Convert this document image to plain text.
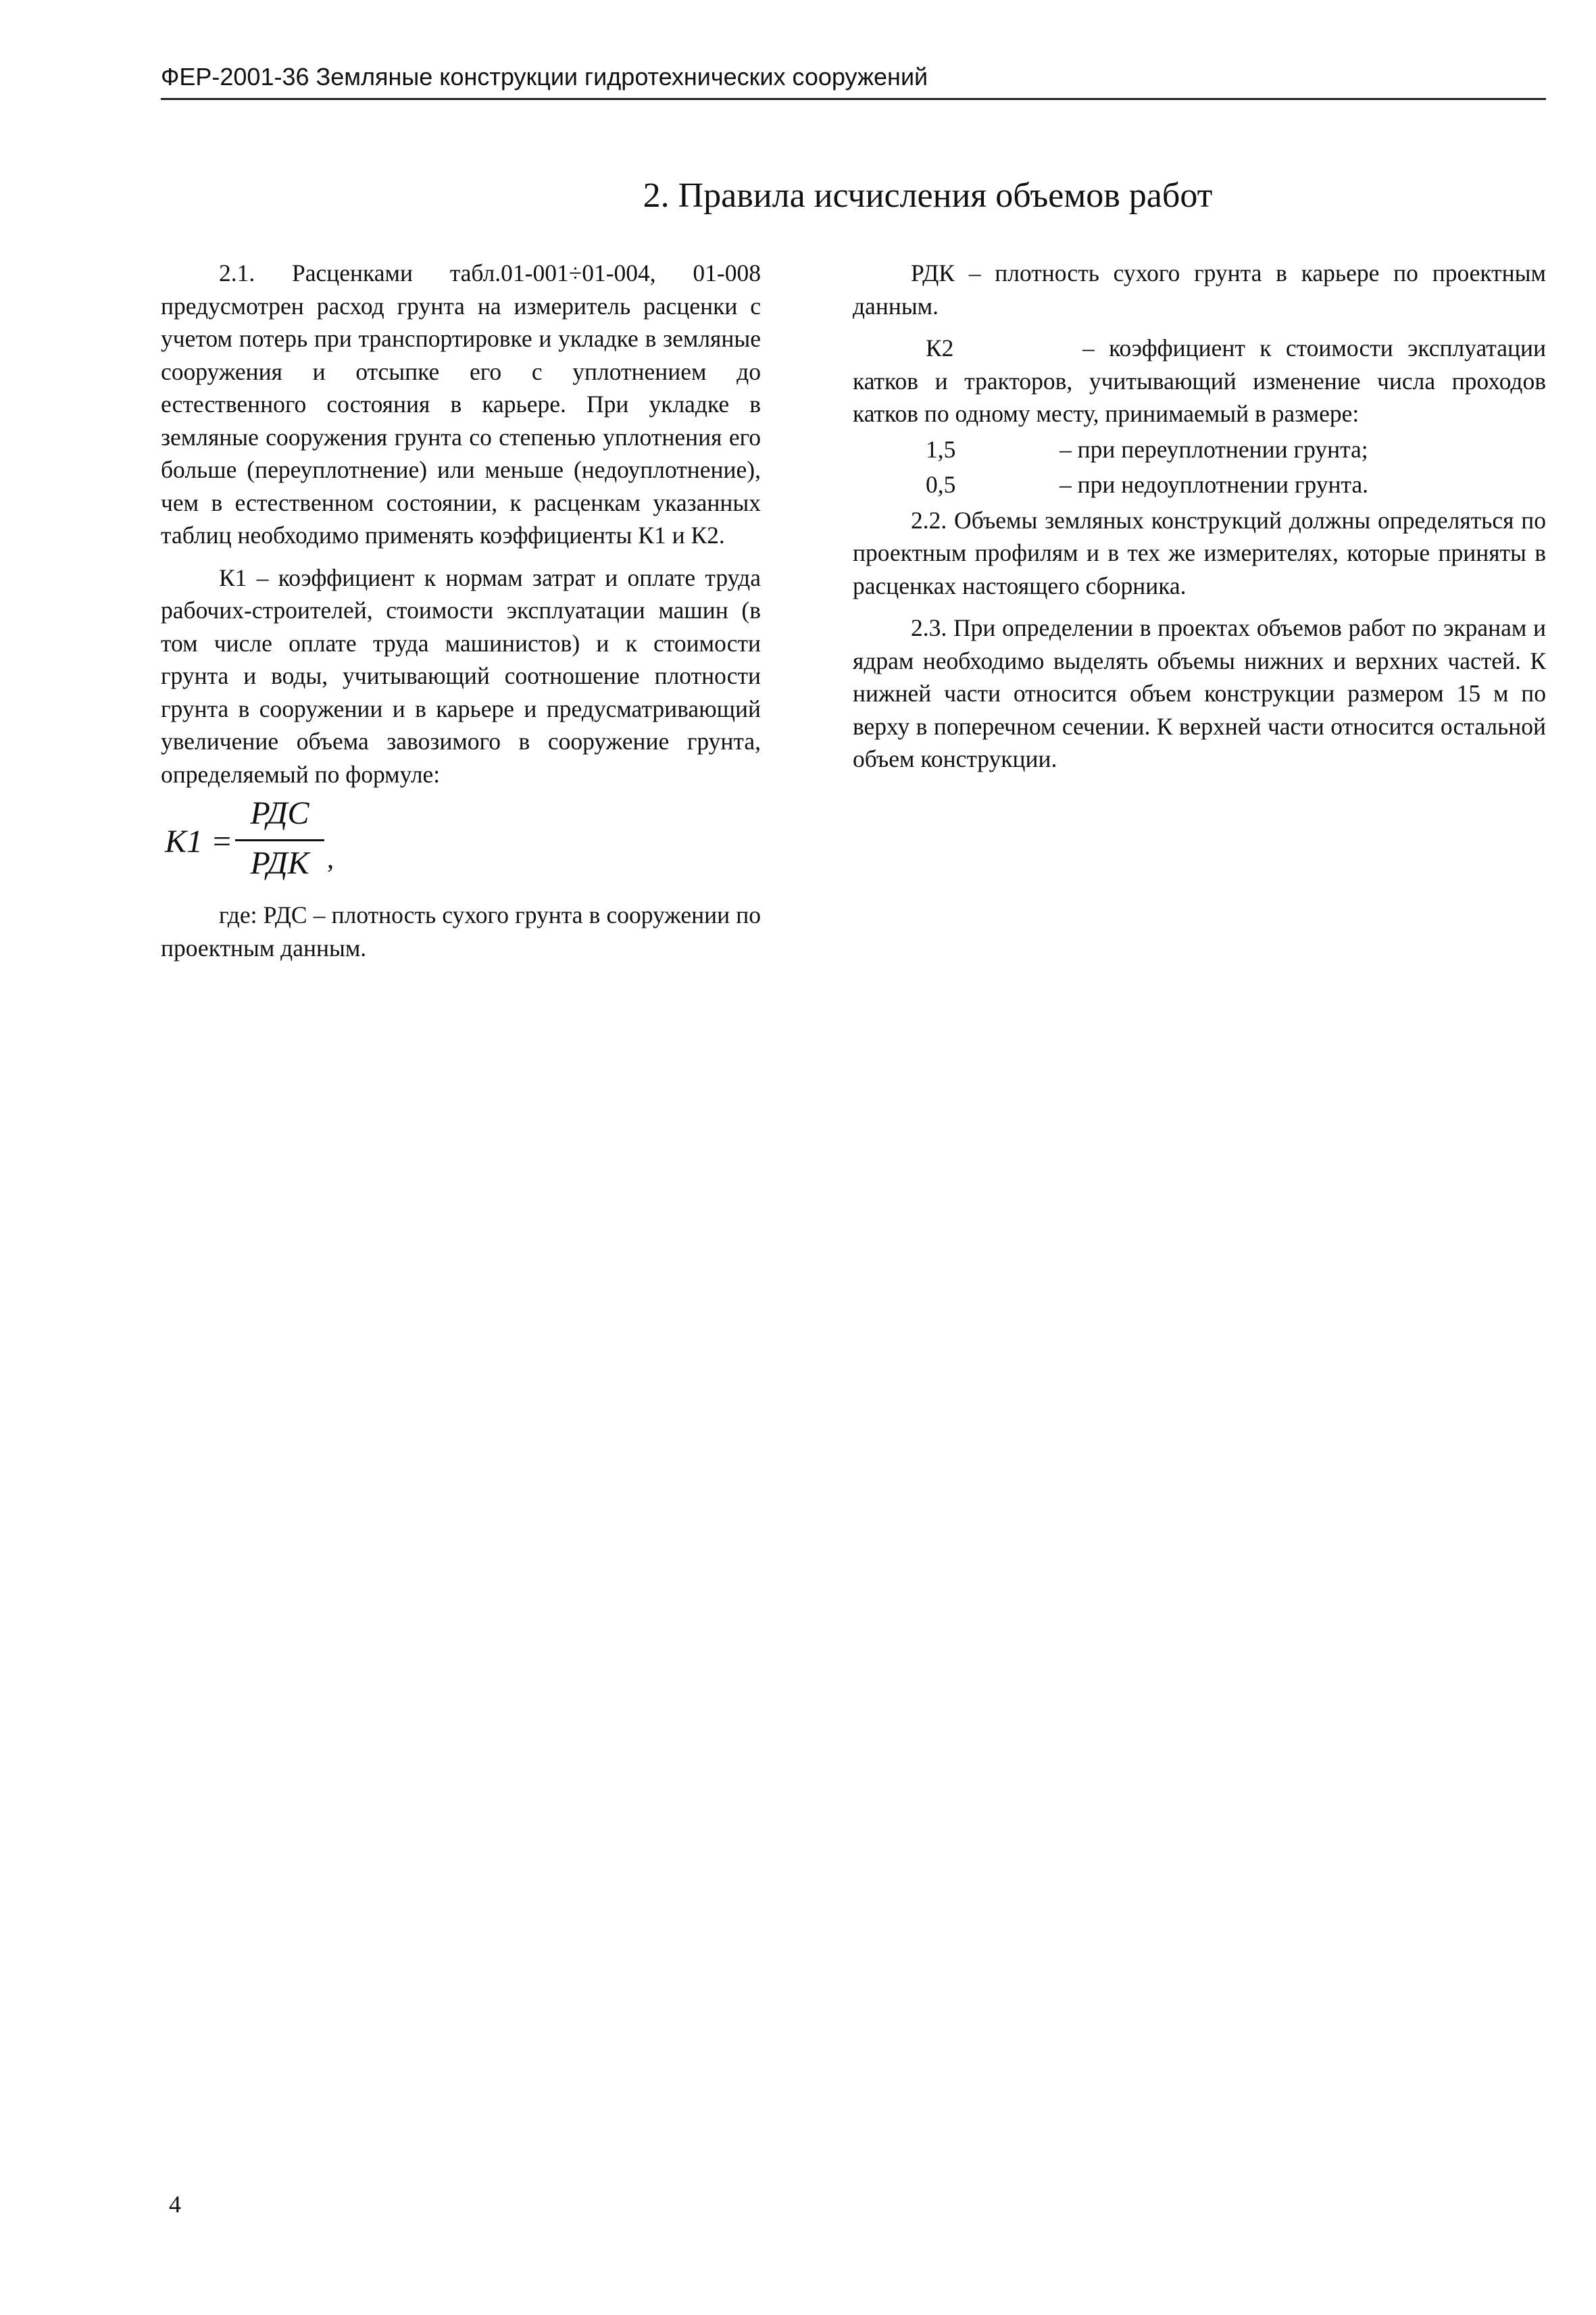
ФЕР-2001-36 Земляные конструкции гидротехнических сооружений
2. Правила исчисления объемов работ

2.1. Расценками табл.01-001÷01-004, 01-008 предусмотрен расход грунта на измеритель расценки с учетом потерь при транспортировке и укладке в земляные сооружения и отсыпке его с уплотнением до естественного состояния в карьере. При укладке в земляные сооружения грунта со степенью уплотнения его больше (переуплотнение) или меньше (недоуплотнение), чем в естественном состоянии, к расценкам указанных таблиц необходимо применять коэффициенты К1 и К2.

К1 – коэффициент к нормам затрат и оплате труда рабочих-строителей, стоимости эксплуатации машин (в том числе оплате труда машинистов) и к стоимости грунта и воды, учитывающий соотношение плотности грунта в сооружении и в карьере и предусматривающий увеличение объема завозимого в сооружение грунта, определяемый по формуле:

К1 =
РДС
РДК ,

где: РДС – плотность сухого грунта в сооружении по проектным данным.

РДК – плотность сухого грунта в карьере по проектным данным.

К2	– коэффициент к стоимости эксплуатации катков и тракторов, учитывающий изменение числа проходов катков по одному месту, принимаемый в размере:

1,5	– при переуплотнении грунта;
0,5	– при недоуплотнении грунта.

2.2. Объемы земляных конструкций должны определяться по проектным профилям и в тех же измерителях, которые приняты в расценках настоящего сборника.

2.3. При определении в проектах объемов работ по экранам и ядрам необходимо выделять объемы нижних и верхних частей. К нижней части относится объем конструкции размером 15 м по верху в поперечном сечении. К верхней части относится остальной объем конструкции.

4
